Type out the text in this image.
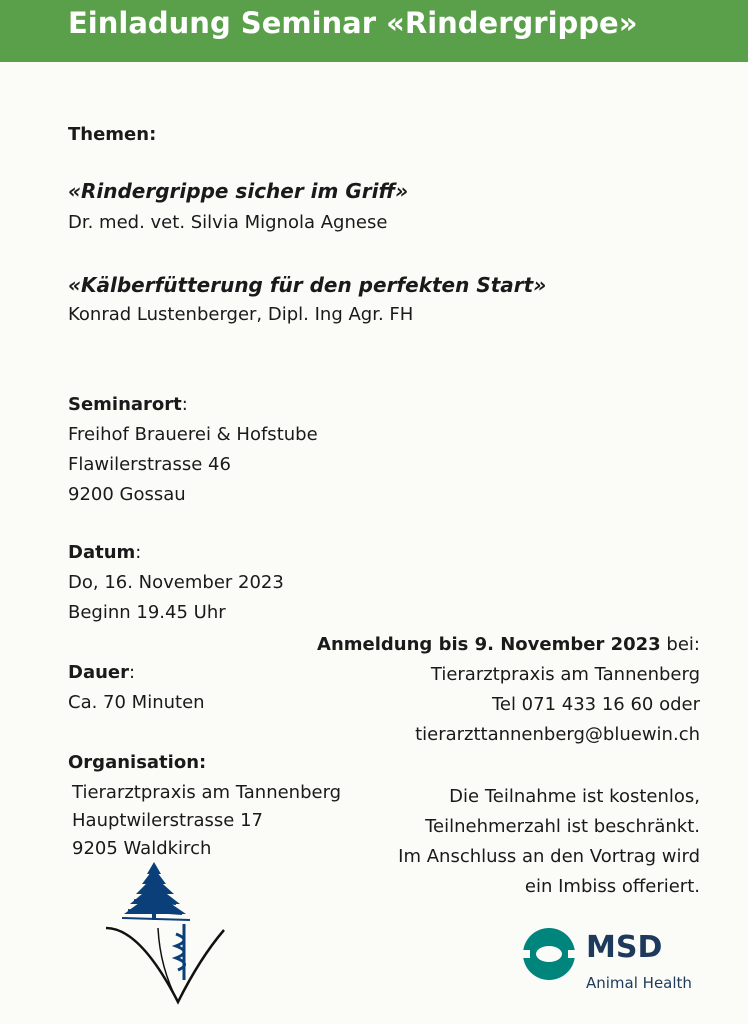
Einladung Seminar «Rindergrippe»
Themen:
«Rindergrippe sicher im Griff»
Dr. med. vet. Silvia Mignola Agnese
«Kälberfütterung für den perfekten Start»
Konrad Lustenberger, Dipl. Ing Agr. FH
Seminarort:
Freihof Brauerei & Hofstube
Flawilerstrasse 46
9200 Gossau
Datum:
Do, 16. November 2023
Beginn 19.45 Uhr
Dauer:
Ca. 70 Minuten
Organisation:
Tierarztpraxis am Tannenberg
Hauptwilerstrasse 17
9205 Waldkirch
Anmeldung bis 9. November 2023 bei:
Tierarztpraxis am Tannenberg
Tel 071 433 16 60 oder
tierarzttannenberg@bluewin.ch
Die Teilnahme ist kostenlos,
Teilnehmerzahl ist beschränkt.
Im Anschluss an den Vortrag wird
ein Imbiss offeriert.
MSD
Animal Health
